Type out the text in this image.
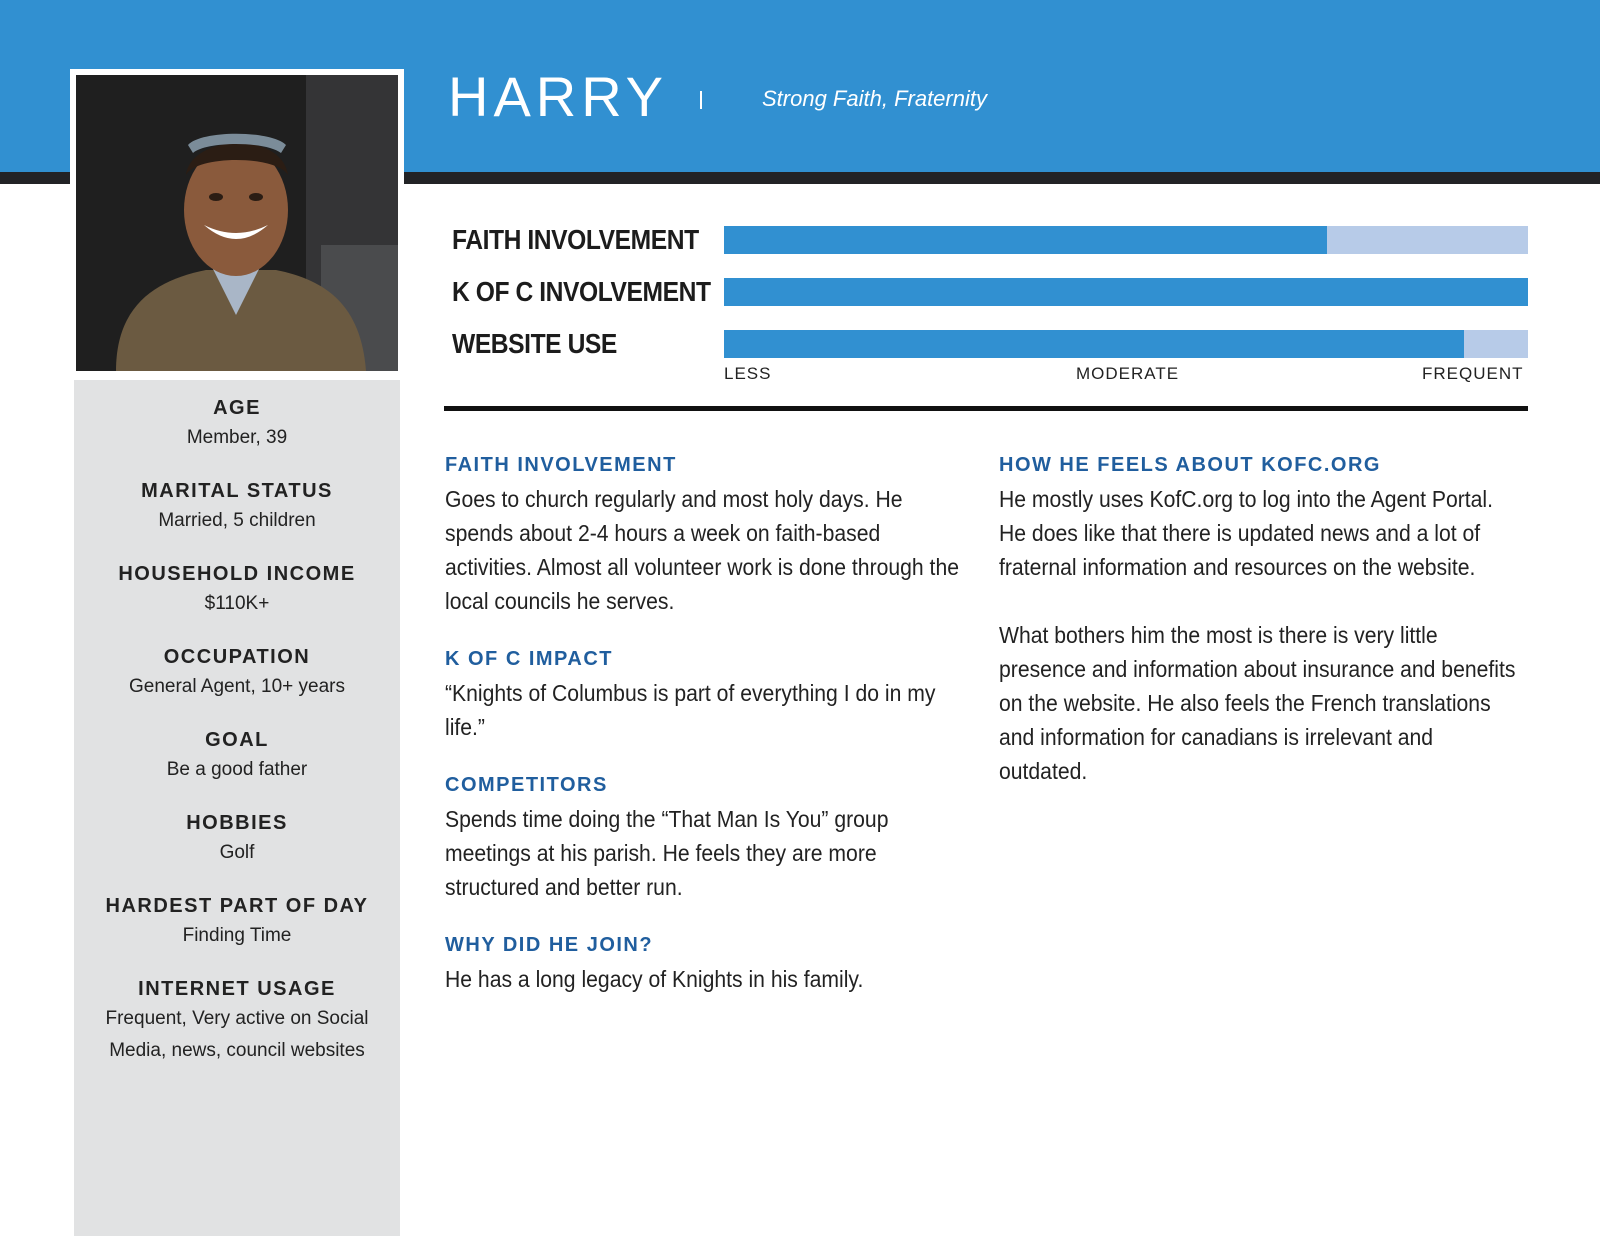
HARRY	Strong Faith, Fraternity
AGE
Member, 39
MARITAL STATUS
Married, 5 children
HOUSEHOLD INCOME
$110K+
OCCUPATION
General Agent, 10+ years
GOAL
Be a good father
HOBBIES
Golf
HARDEST PART OF DAY
Finding Time
INTERNET USAGE
Frequent, Very active on Social Media, news, council websites
FAITH INVOLVEMENT
K OF C INVOLVEMENT
WEBSITE USE
LESS	MODERATE	FREQUENT
FAITH INVOLVEMENT

Goes to church regularly and most holy days. He spends about 2-4 hours a week on faith-based activities. Almost all volunteer work is done through the local councils he serves.

K OF C IMPACT

“Knights of Columbus is part of everything I do in my life.”

COMPETITORS

Spends time doing the “That Man Is You” group meetings at his parish. He feels they are more structured and better run.

WHY DID HE JOIN?

He has a long legacy of Knights in his family.

HOW HE FEELS ABOUT KOFC.ORG

He mostly uses KofC.org to log into the Agent Portal. He does like that there is updated news and a lot of fraternal information and resources on the website.

What bothers him the most is there is very little presence and information about insurance and benefits on the website. He also feels the French translations and information for canadians is irrelevant and outdated.
